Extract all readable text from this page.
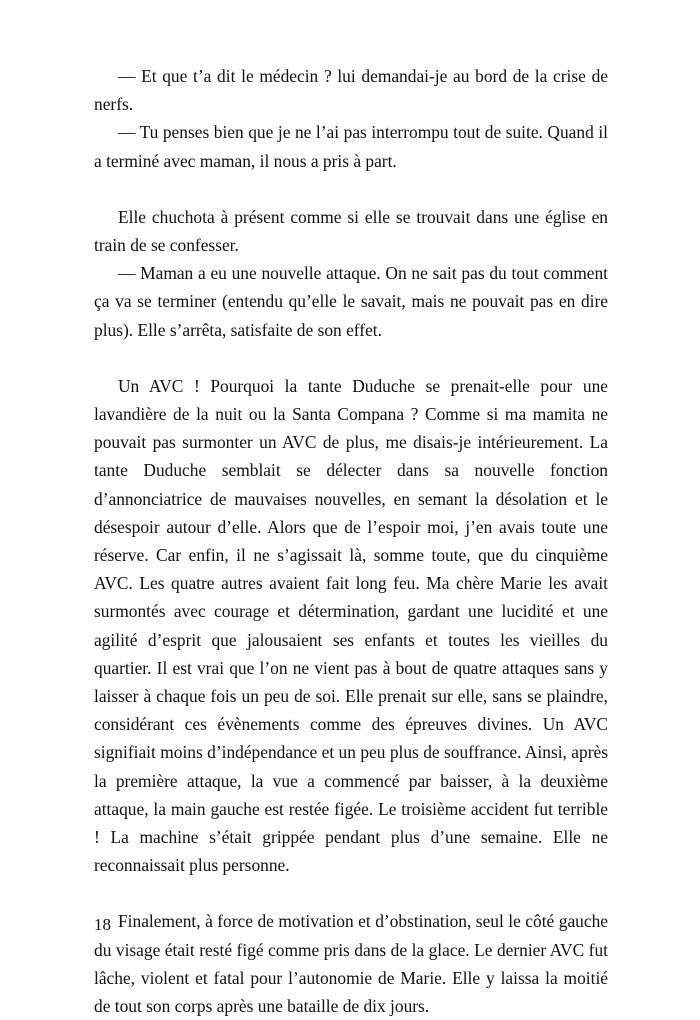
— Et que t’a dit le médecin ? lui demandai-je au bord de la crise de nerfs.

— Tu penses bien que je ne l’ai pas interrompu tout de suite. Quand il a terminé avec maman, il nous a pris à part.

Elle chuchota à présent comme si elle se trouvait dans une église en train de se confesser.

— Maman a eu une nouvelle attaque. On ne sait pas du tout comment ça va se terminer (entendu qu’elle le savait, mais ne pouvait pas en dire plus). Elle s’arrêta, satisfaite de son effet.

Un AVC ! Pourquoi la tante Duduche se prenait-elle pour une lavandière de la nuit ou la Santa Compana ? Comme si ma mamita ne pouvait pas surmonter un AVC de plus, me disais-je intérieurement. La tante Duduche semblait se délecter dans sa nouvelle fonction d’annonciatrice de mauvaises nouvelles, en semant la désolation et le désespoir autour d’elle. Alors que de l’espoir moi, j’en avais toute une réserve. Car enfin, il ne s’agissait là, somme toute, que du cinquième AVC. Les quatre autres avaient fait long feu. Ma chère Marie les avait surmontés avec courage et détermination, gardant une lucidité et une agilité d’esprit que jalousaient ses enfants et toutes les vieilles du quartier. Il est vrai que l’on ne vient pas à bout de quatre attaques sans y laisser à chaque fois un peu de soi. Elle prenait sur elle, sans se plaindre, considérant ces évènements comme des épreuves divines. Un AVC signifiait moins d’indépendance et un peu plus de souffrance. Ainsi, après la première attaque, la vue a commencé par baisser, à la deuxième attaque, la main gauche est restée figée. Le troisième accident fut terrible ! La machine s’était grippée pendant plus d’une semaine. Elle ne reconnaissait plus personne.

Finalement, à force de motivation et d’obstination, seul le côté gauche du visage était resté figé comme pris dans de la glace. Le dernier AVC fut lâche, violent et fatal pour l’autonomie de Marie. Elle y laissa la moitié de tout son corps après une bataille de dix jours.

18
